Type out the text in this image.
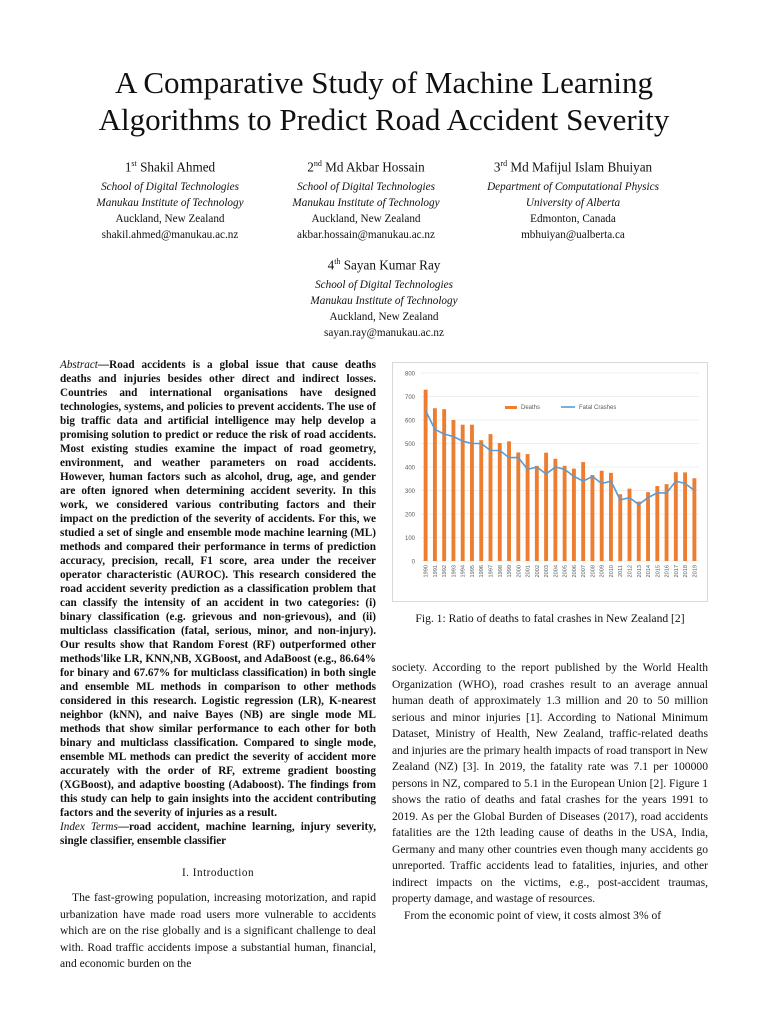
A Comparative Study of Machine Learning
Algorithms to Predict Road Accident Severity
1st Shakil Ahmed
School of Digital Technologies
Manukau Institute of Technology
Auckland, New Zealand
shakil.ahmed@manukau.ac.nz
2nd Md Akbar Hossain
School of Digital Technologies
Manukau Institute of Technology
Auckland, New Zealand
akbar.hossain@manukau.ac.nz
3rd Md Mafijul Islam Bhuiyan
Department of Computational Physics
University of Alberta
Edmonton, Canada
mbhuiyan@ualberta.ca
4th Sayan Kumar Ray
School of Digital Technologies
Manukau Institute of Technology
Auckland, New Zealand
sayan.ray@manukau.ac.nz
Abstract—Road accidents is a global issue that cause deaths deaths and injuries besides other direct and indirect losses. Countries and international organisations have designed technologies, systems, and policies to prevent accidents. The use of big traffic data and artificial intelligence may help develop a promising solution to predict or reduce the risk of road accidents. Most existing studies examine the impact of road geometry, environment, and weather parameters on road accidents. However, human factors such as alcohol, drug, age, and gender are often ignored when determining accident severity. In this work, we considered various contributing factors and their impact on the prediction of the severity of accidents. For this, we studied a set of single and ensemble mode machine learning (ML) methods and compared their performance in terms of prediction accuracy, precision, recall, F1 score, area under the receiver operator characteristic (AUROC). This research considered the road accident severity prediction as a classification problem that can classify the intensity of an accident in two categories: (i) binary classification (e.g. grievous and non-grievous), and (ii) multiclass classification (fatal, serious, minor, and non-injury). Our results show that Random Forest (RF) outperformed other methods'like LR, KNN,NB, XGBoost, and AdaBoost (e.g., 86.64% for binary and 67.67% for multiclass classification) in both single and ensemble ML methods in comparison to other methods considered in this research. Logistic regression (LR), K-nearest neighbor (kNN), and naive Bayes (NB) are single mode ML methods that show similar performance to each other for both binary and multiclass classification. Compared to single mode, ensemble ML methods can predict the severity of accident more accurately with the order of RF, extreme gradient boosting (XGBoost), and adaptive boosting (Adaboost). The findings from this study can help to gain insights into the accident contributing factors and the severity of injuries as a result.
Index Terms—road accident, machine learning, injury severity, single classifier, ensemble classifier
I. Introduction

The fast-growing population, increasing motorization, and rapid urbanization have made road users more vulnerable to accidents which are on the rise globally and is a significant challenge to deal with. Road traffic accidents impose a substantial human, financial, and economic burden on the

0
100
200
300
400
500
600
700
800
1990 1991 1992 1993 1994 1995 1996 1997 1998 1999 2000 2001 2002 2003 2004 2005 2006 2007 2008 2009 2010 2011 2012 2013 2014 2015 2016 2017 2018 2019
Deaths	Fatal Crashes
Fig. 1: Ratio of deaths to fatal crashes in New Zealand [2]

society. According to the report published by the World Health Organization (WHO), road crashes result to an average annual human death of approximately 1.3 million and 20 to 50 million serious and minor injuries [1]. According to National Minimum Dataset, Ministry of Health, New Zealand, traffic-related deaths and injuries are the primary health impacts of road transport in New Zealand (NZ) [3]. In 2019, the fatality rate was 7.1 per 100000 persons in NZ, compared to 5.1 in the European Union [2]. Figure 1 shows the ratio of deaths and fatal crashes for the years 1991 to 2019. As per the Global Burden of Diseases (2017), road accidents fatalities are the 12th leading cause of deaths in the USA, India, Germany and many other countries even though many accidents go unreported. Traffic accidents lead to fatalities, injuries, and other indirect impacts on the victims, e.g., post-accident traumas, property damage, and wastage of resources.

From the economic point of view, it costs almost 3% of
